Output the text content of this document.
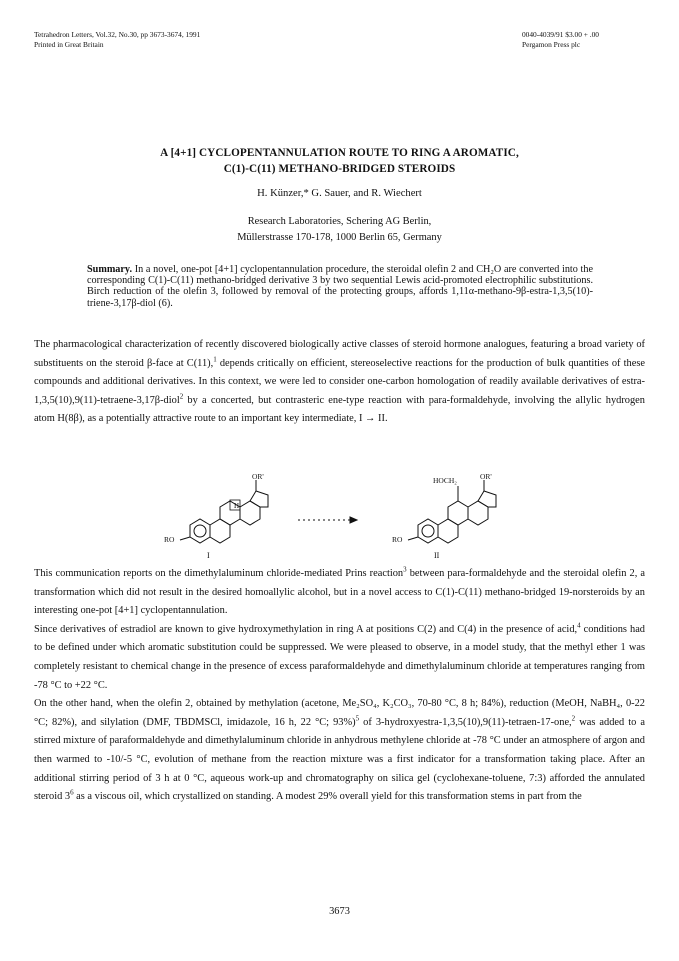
Tetrahedron Letters, Vol.32, No.30, pp 3673-3674, 1991
Printed in Great Britain
0040-4039/91 $3.00 + .00
Pergamon Press plc
A [4+1] CYCLOPENTANNULATION ROUTE TO RING A AROMATIC,
C(1)-C(11) METHANO-BRIDGED STEROIDS
H. Künzer,* G. Sauer, and R. Wiechert
Research Laboratories, Schering AG Berlin,
Müllerstrasse 170-178, 1000 Berlin 65, Germany
Summary. In a novel, one-pot [4+1] cyclopentannulation procedure, the steroidal olefin 2 and CH₂O are converted into the corresponding C(1)-C(11) methano-bridged derivative 3 by two sequential Lewis acid-promoted electrophilic substitutions. Birch reduction of the olefin 3, followed by removal of the protecting groups, affords 1,11α-methano-9β-estra-1,3,5(10)-triene-3,17β-diol (6).

The pharmacological characterization of recently discovered biologically active classes of steroid hormone analogues, featuring a broad variety of substituents on the steroid β-face at C(11),$^1$ depends critically on efficient, stereoselective reactions for the production of bulk quantities of these compounds and additional derivatives. In this context, we were led to consider one-carbon homologation of readily available derivatives of estra-1,3,5(10),9(11)-tetraene-3,17β-diol$^2$ by a concerted, but contrasteric ene-type reaction with para-formaldehyde, involving the allylic hydrogen atom H(8β), as a potentially attractive route to an important key intermediate, I → II.

OR'
H
RO
I
HOCH₂	OR'
RO
II

This communication reports on the dimethylaluminum chloride-mediated Prins reaction$^3$ between para-formaldehyde and the steroidal olefin 2, a transformation which did not result in the desired homoallylic alcohol, but in a novel access to C(1)-C(11) methano-bridged 19-norsteroids by an interesting one-pot [4+1] cyclopentannulation.

Since derivatives of estradiol are known to give hydroxymethylation in ring A at positions C(2) and C(4) in the presence of acid,$^4$ conditions had to be defined under which aromatic substitution could be suppressed. We were pleased to observe, in a model study, that the methyl ether 1 was completely resistant to chemical change in the presence of excess paraformaldehyde and dimethylaluminum chloride at temperatures ranging from -78 °C to +22 °C.

On the other hand, when the olefin 2, obtained by methylation (acetone, Me₂SO₄, K₂CO₃, 70-80 °C, 8 h; 84%), reduction (MeOH, NaBH₄, 0-22 °C; 82%), and silylation (DMF, TBDMSCl, imidazole, 16 h, 22 °C; 93%)$^5$ of 3-hydroxyestra-1,3,5(10),9(11)-tetraen-17-one,$^2$ was added to a stirred mixture of paraformaldehyde and dimethylaluminum chloride in anhydrous methylene chloride at -78 °C under an atmosphere of argon and then warmed to -10/-5 °C, evolution of methane from the reaction mixture was a first indicator for a transformation taking place. After an additional stirring period of 3 h at 0 °C, aqueous work-up and chromatography on silica gel (cyclohexane-toluene, 7:3) afforded the annulated steroid $3^6$ as a viscous oil, which crystallized on standing. A modest 29% overall yield for this transformation stems in part from the

3673
